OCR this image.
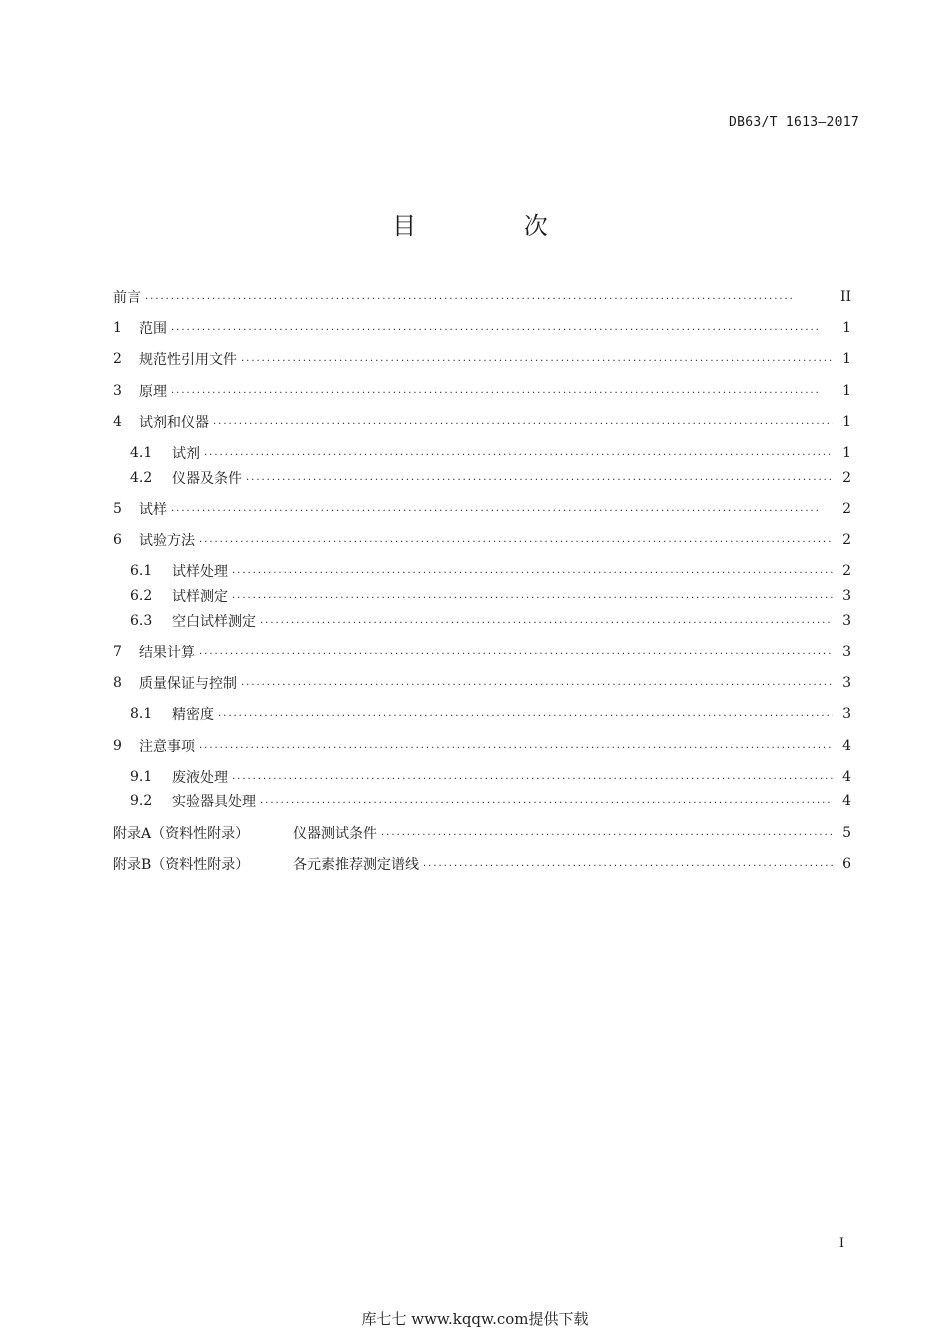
DB63/T 1613—2017
目 次
前言 . . .	II
1	范围 . . .	1
2	规范性引用文件 . . .	1
3	原理 . . .	1
4	试剂和仪器 . . .	1
4.1	试剂 . . .	1
4.2	仪器及条件 . . .	2
5	试样 . . .	2
6	试验方法 . . .	2
6.1	试样处理 . . .	2
6.2	试样测定 . . .	3
6.3	空白试样测定 . . .	3
7	结果计算 . . .	3
8	质量保证与控制 . . .	3
8.1	精密度 . . .	3
9	注意事项 . . .	4
9.1	废液处理 . . .	4
9.2	实验器具处理 . . .	4
附录A（资料性附录）	仪器测试条件 . . .	5
附录B（资料性附录）	各元素推荐测定谱线 . . .	6
I
库七七 www.kqqw.com提供下载
